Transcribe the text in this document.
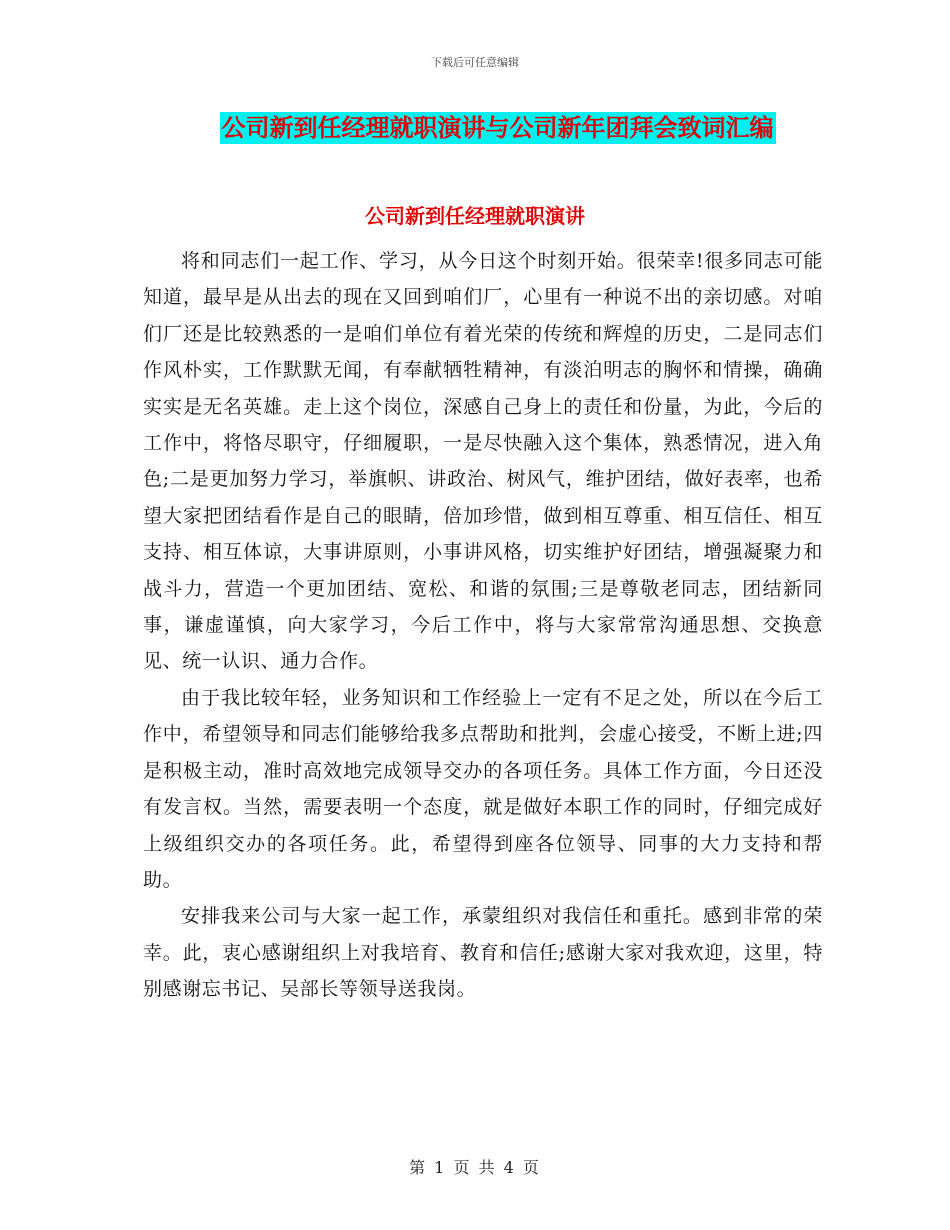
下载后可任意编辑
公司新到任经理就职演讲与公司新年团拜会致词汇编
公司新到任经理就职演讲

将和同志们一起工作、学习，从今日这个时刻开始。很荣幸!很多同志可能知道，最早是从出去的现在又回到咱们厂，心里有一种说不出的亲切感。对咱们厂还是比较熟悉的一是咱们单位有着光荣的传统和辉煌的历史，二是同志们作风朴实，工作默默无闻，有奉献牺牲精神，有淡泊明志的胸怀和情操，确确实实是无名英雄。走上这个岗位，深感自己身上的责任和份量，为此，今后的工作中，将恪尽职守，仔细履职，一是尽快融入这个集体，熟悉情况，进入角色;二是更加努力学习，举旗帜、讲政治、树风气，维护团结，做好表率，也希望大家把团结看作是自己的眼睛，倍加珍惜，做到相互尊重、相互信任、相互支持、相互体谅，大事讲原则，小事讲风格，切实维护好团结，增强凝聚力和战斗力，营造一个更加团结、宽松、和谐的氛围;三是尊敬老同志，团结新同事，谦虚谨慎，向大家学习，今后工作中，将与大家常常沟通思想、交换意见、统一认识、通力合作。

由于我比较年轻，业务知识和工作经验上一定有不足之处，所以在今后工作中，希望领导和同志们能够给我多点帮助和批判，会虚心接受，不断上进;四是积极主动，准时高效地完成领导交办的各项任务。具体工作方面，今日还没有发言权。当然，需要表明一个态度，就是做好本职工作的同时，仔细完成好上级组织交办的各项任务。此，希望得到座各位领导、同事的大力支持和帮助。

安排我来公司与大家一起工作，承蒙组织对我信任和重托。感到非常的荣幸。此，衷心感谢组织上对我培育、教育和信任;感谢大家对我欢迎，这里，特别感谢忘书记、吴部长等领导送我岗。

第 1 页 共 4 页
